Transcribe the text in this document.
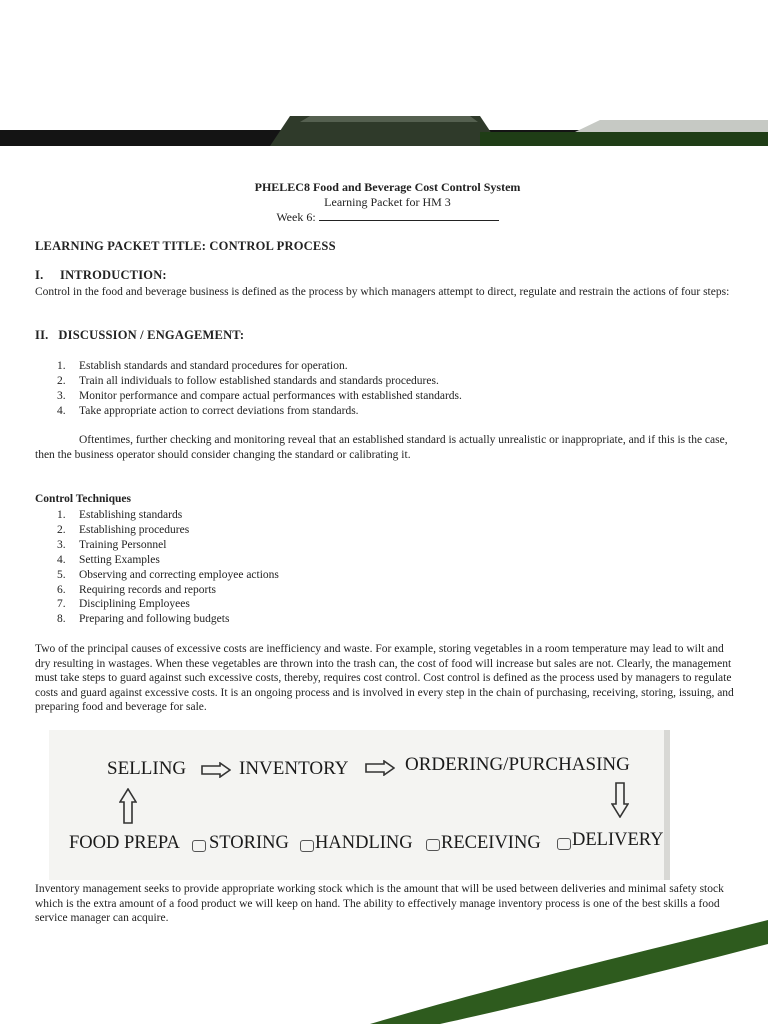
PHELEC8 Food and Beverage Cost Control System
Learning Packet for HM 3
Week 6:
LEARNING PACKET TITLE: CONTROL PROCESS
I.     INTRODUCTION:

Control in the food and beverage business is defined as the process by which managers attempt to direct, regulate and restrain the actions of four steps:

II.   DISCUSSION / ENGAGEMENT:
1. Establish standards and standard procedures for operation.
2. Train all individuals to follow established standards and standards procedures.
3. Monitor performance and compare actual performances with established standards.
4. Take appropriate action to correct deviations from standards.

Oftentimes, further checking and monitoring reveal that an established standard is actually unrealistic or inappropriate, and if this is the case, then the business operator should consider changing the standard or calibrating it.

Control Techniques
1. Establishing standards
2. Establishing procedures
3. Training Personnel
4. Setting Examples
5. Observing and correcting employee actions
6. Requiring records and reports
7. Disciplining Employees
8. Preparing and following budgets

Two of the principal causes of excessive costs are inefficiency and waste. For example, storing vegetables in a room temperature may lead to wilt and dry resulting in wastages. When these vegetables are thrown into the trash can, the cost of food will increase but sales are not. Clearly, the management must take steps to guard against such excessive costs, thereby, requires cost control. Cost control is defined as the process used by managers to regulate costs and guard against excessive costs. It is an ongoing process and is involved in every step in the chain of purchasing, receiving, storing, issuing, and preparing food and beverage for sale.

Inventory management seeks to provide appropriate working stock which is the amount that will be used between deliveries and minimal safety stock which is the extra amount of a food product we will keep on hand. The ability to effectively manage inventory process is one of the best skills a food service manager can acquire.

SELLING	INVENTORY	ORDERING/PURCHASING
FOOD PREPA STORING HANDLING RECEIVING DELIVERY
